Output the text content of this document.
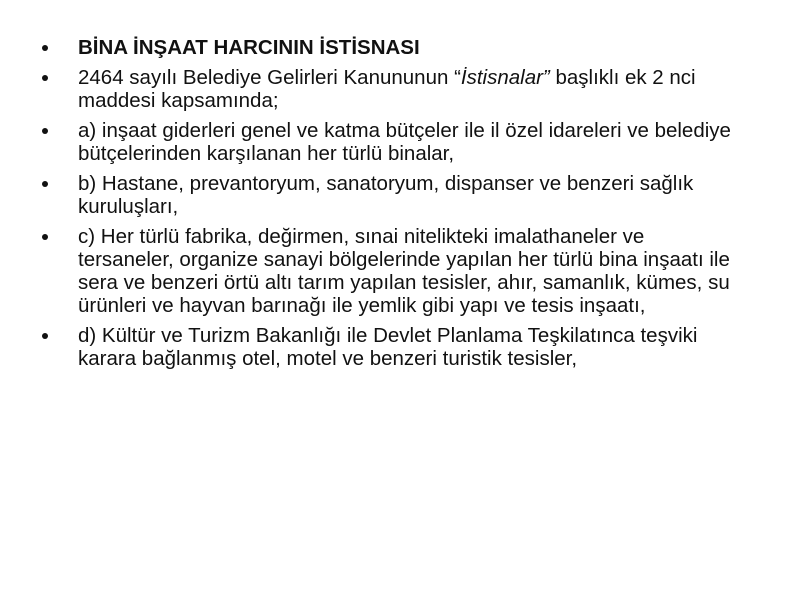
BİNA İNŞAAT HARCININ İSTİSNASI
2464 sayılı Belediye Gelirleri Kanununun “İstisnalar” başlıklı ek 2 nci maddesi kapsamında;
a) inşaat giderleri genel ve katma bütçeler ile il özel idareleri ve belediye bütçelerinden karşılanan her türlü binalar,
b) Hastane, prevantoryum, sanatoryum, dispanser ve benzeri sağlık kuruluşları,
c) Her türlü fabrika, değirmen, sınai nitelikteki imalathaneler ve tersaneler, organize sanayi bölgelerinde yapılan her türlü bina inşaatı ile sera ve benzeri örtü altı tarım yapılan tesisler, ahır, samanlık, kümes, su ürünleri ve hayvan barınağı ile yemlik gibi yapı ve tesis inşaatı,
d) Kültür ve Turizm Bakanlığı ile Devlet Planlama Teşkilatınca teşviki karara bağlanmış otel, motel ve benzeri turistik tesisler,
